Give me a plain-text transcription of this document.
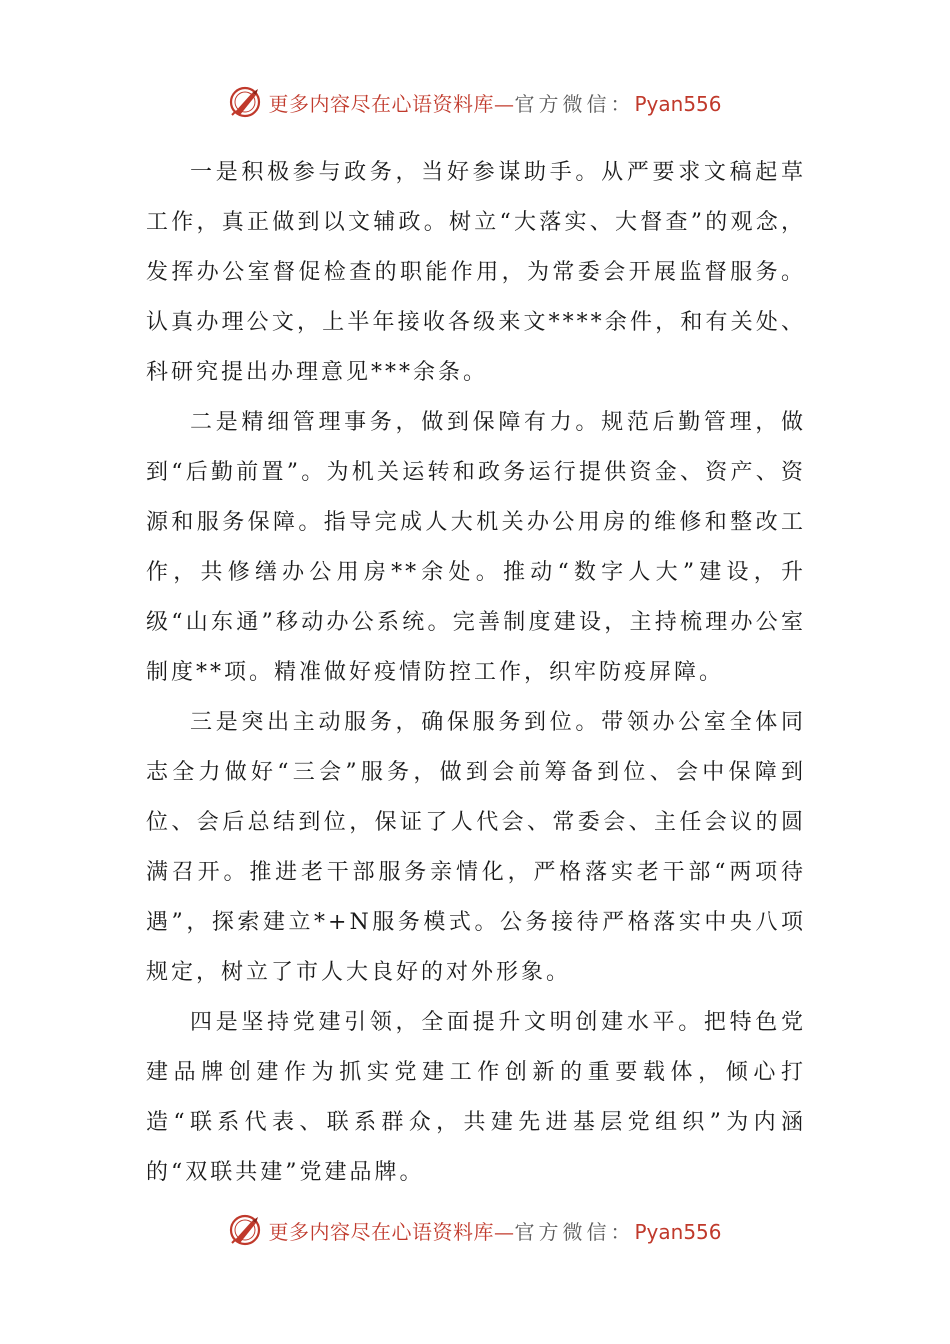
更多内容尽在心语资料库—官方微信：Pyan556

一是积极参与政务，当好参谋助手。从严要求文稿起草工作，真正做到以文辅政。树立“大落实、大督查”的观念，发挥办公室督促检查的职能作用，为常委会开展监督服务。认真办理公文，上半年接收各级来文****余件，和有关处、科研究提出办理意见***余条。

二是精细管理事务，做到保障有力。规范后勤管理，做到“后勤前置”。为机关运转和政务运行提供资金、资产、资源和服务保障。指导完成人大机关办公用房的维修和整改工作，共修缮办公用房**余处。推动“数字人大”建设，升级“山东通”移动办公系统。完善制度建设，主持梳理办公室制度**项。精准做好疫情防控工作，织牢防疫屏障。

三是突出主动服务，确保服务到位。带领办公室全体同志全力做好“三会”服务，做到会前筹备到位、会中保障到位、会后总结到位，保证了人代会、常委会、主任会议的圆满召开。推进老干部服务亲情化，严格落实老干部“两项待遇”，探索建立*+N服务模式。公务接待严格落实中央八项规定，树立了市人大良好的对外形象。

四是坚持党建引领，全面提升文明创建水平。把特色党建品牌创建作为抓实党建工作创新的重要载体，倾心打造“联系代表、联系群众，共建先进基层党组织”为内涵的“双联共建”党建品牌。

更多内容尽在心语资料库—官方微信：Pyan556
